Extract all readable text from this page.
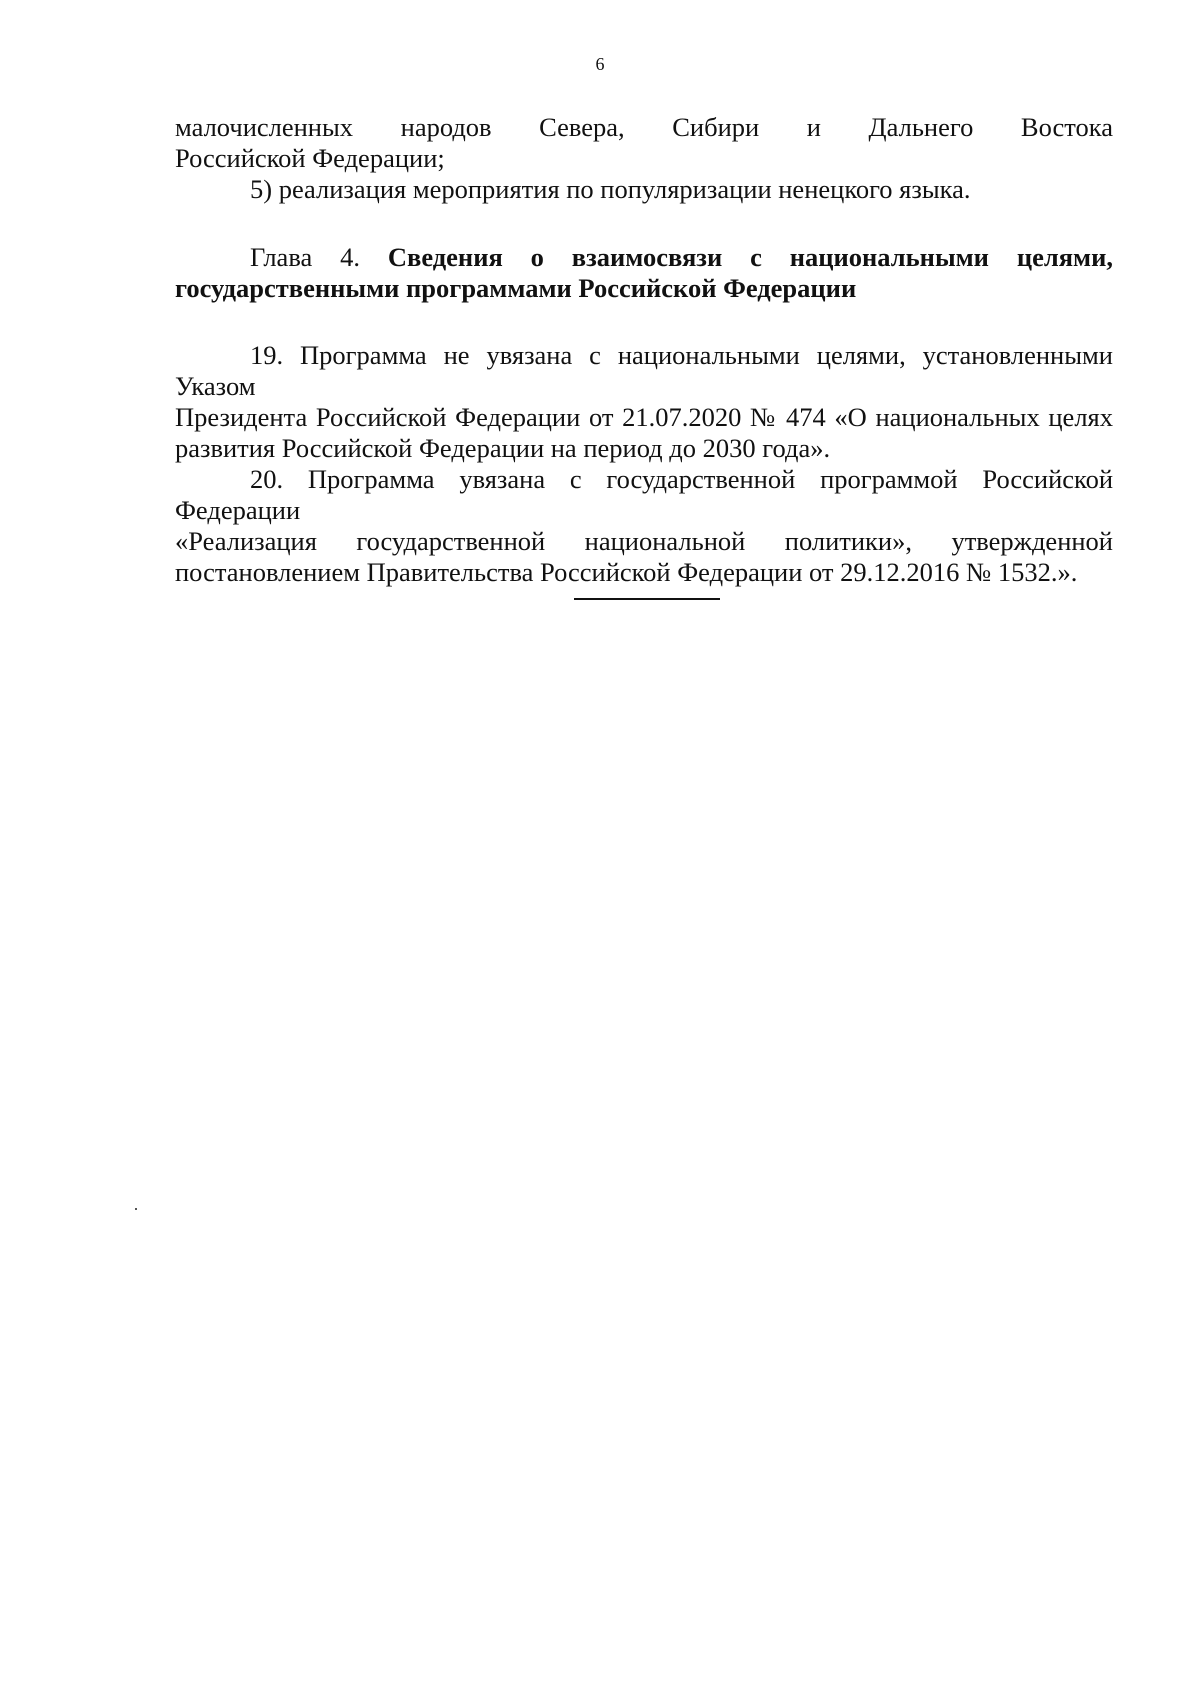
6
малочисленных народов Севера, Сибири и Дальнего Востока
Российской Федерации;
5) реализация мероприятия по популяризации ненецкого языка.
Глава 4. Сведения о взаимосвязи с национальными целями,
государственными программами Российской Федерации
19. Программа не увязана с национальными целями, установленными Указом
Президента Российской Федерации от 21.07.2020 № 474 «О национальных целях
развития Российской Федерации на период до 2030 года».
20. Программа увязана с государственной программой Российской Федерации
«Реализация государственной национальной политики», утвержденной
постановлением Правительства Российской Федерации от 29.12.2016 № 1532.».
